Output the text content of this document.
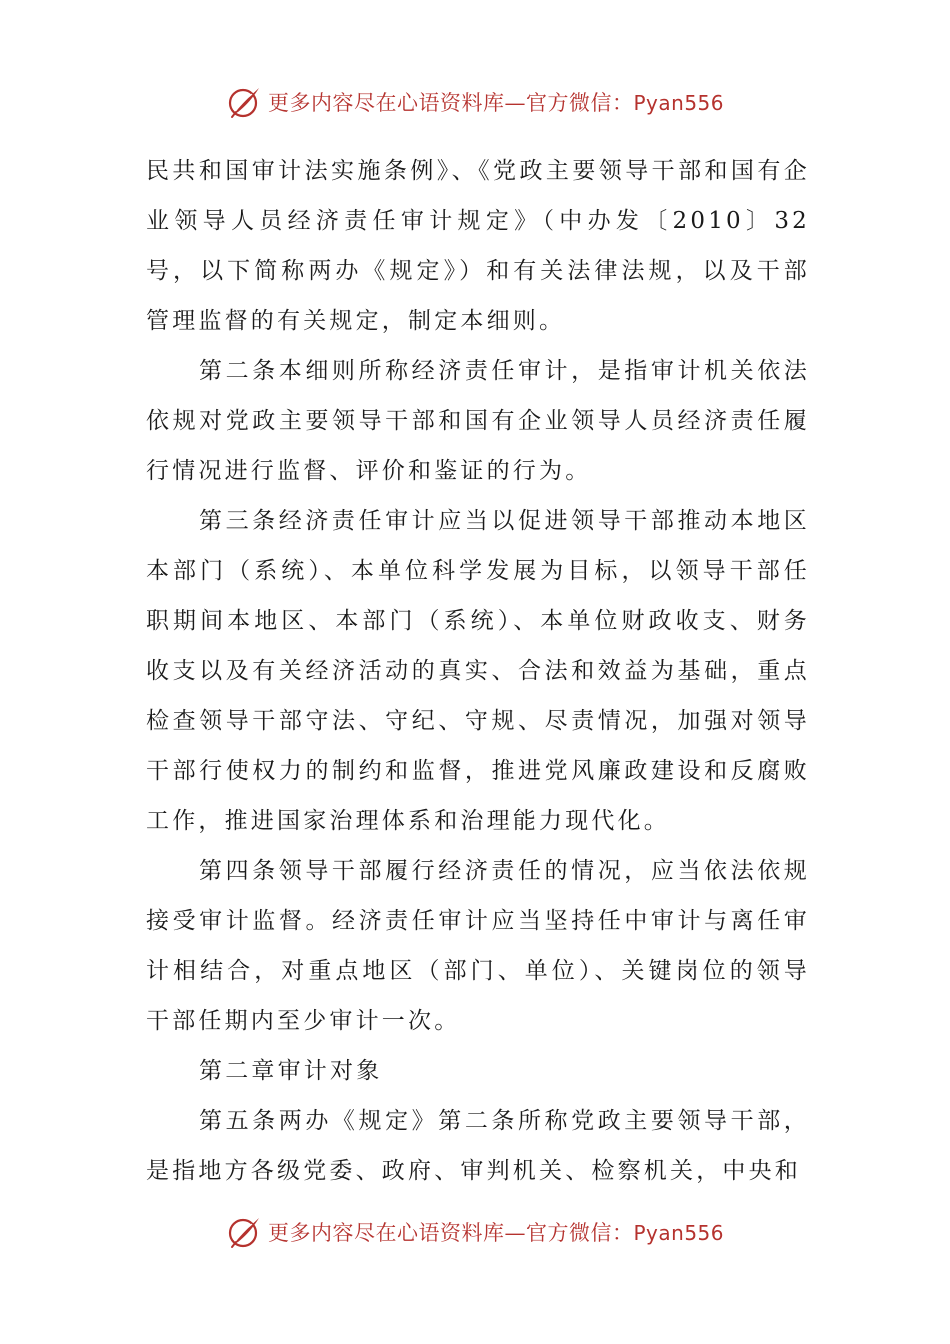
更多内容尽在心语资料库—官方微信：Pyan556

民共和国审计法实施条例》、《党政主要领导干部和国有企业领导人员经济责任审计规定》（中办发〔2010〕32号，以下简称两办《规定》）和有关法律法规，以及干部管理监督的有关规定，制定本细则。

第二条本细则所称经济责任审计，是指审计机关依法依规对党政主要领导干部和国有企业领导人员经济责任履行情况进行监督、评价和鉴证的行为。

第三条经济责任审计应当以促进领导干部推动本地区本部门（系统）、本单位科学发展为目标，以领导干部任职期间本地区、本部门（系统）、本单位财政收支、财务收支以及有关经济活动的真实、合法和效益为基础，重点检查领导干部守法、守纪、守规、尽责情况，加强对领导干部行使权力的制约和监督，推进党风廉政建设和反腐败工作，推进国家治理体系和治理能力现代化。

第四条领导干部履行经济责任的情况，应当依法依规接受审计监督。经济责任审计应当坚持任中审计与离任审计相结合，对重点地区（部门、单位）、关键岗位的领导干部任期内至少审计一次。

第二章审计对象

第五条两办《规定》第二条所称党政主要领导干部，是指地方各级党委、政府、审判机关、检察机关，中央和

更多内容尽在心语资料库—官方微信：Pyan556
